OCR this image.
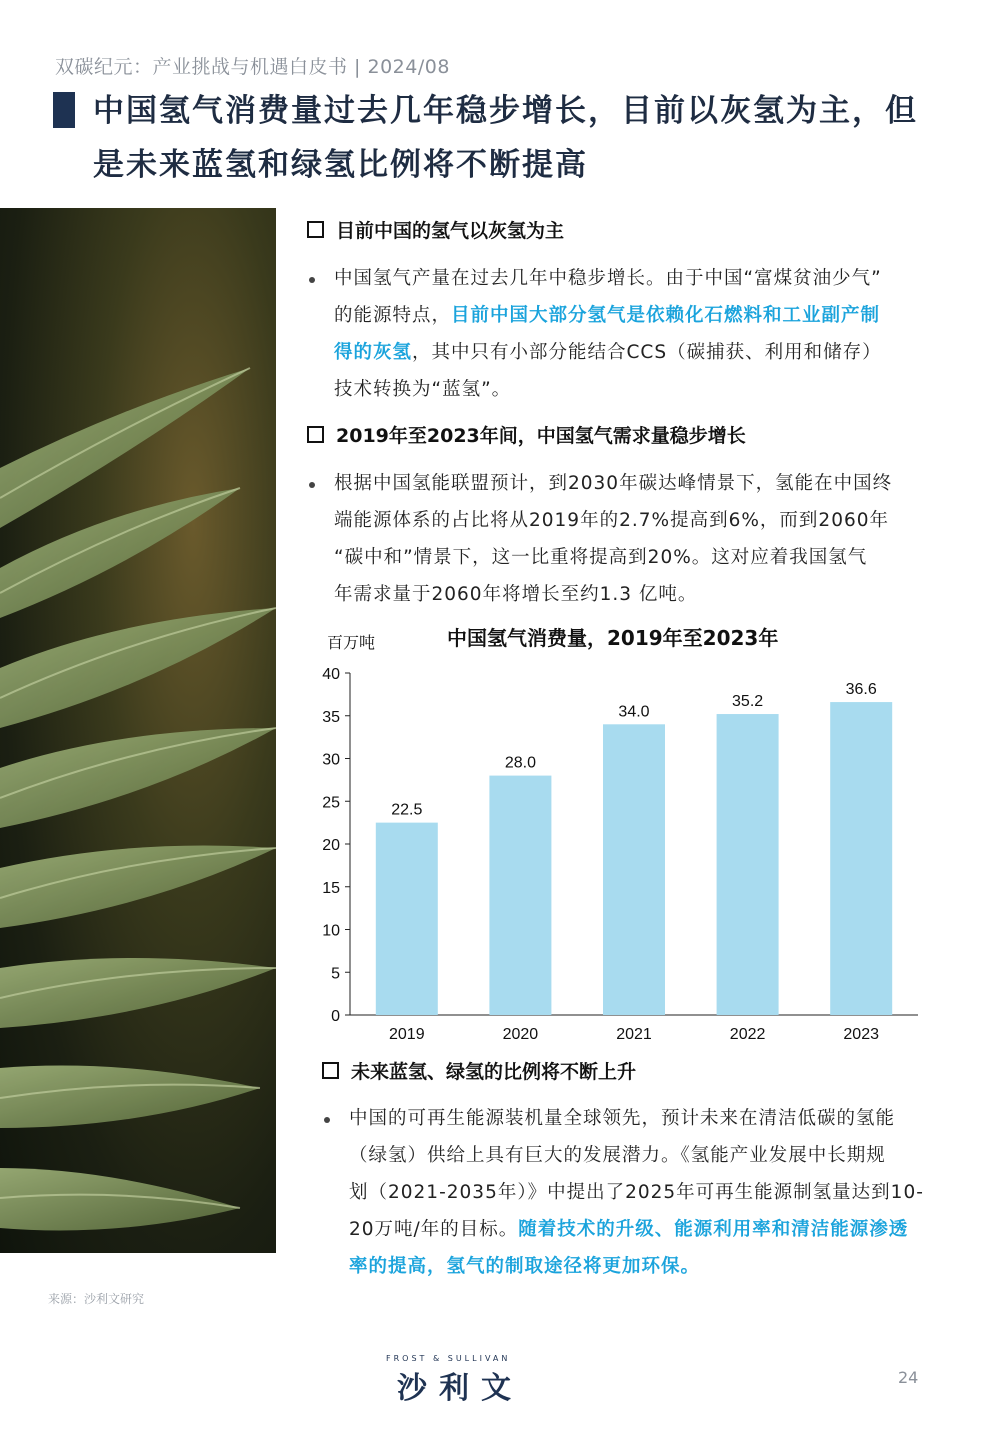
双碳纪元：产业挑战与机遇白皮书 | 2024/08
中国氢气消费量过去几年稳步增长，目前以灰氢为主，但
是未来蓝氢和绿氢比例将不断提高
目前中国的氢气以灰氢为主
中国氢气产量在过去几年中稳步增长。由于中国“富煤贫油少气”
的能源特点，目前中国大部分氢气是依赖化石燃料和工业副产制
得的灰氢，其中只有小部分能结合CCS（碳捕获、利用和储存）
技术转换为“蓝氢”。
2019年至2023年间，中国氢气需求量稳步增长
根据中国氢能联盟预计，到2030年碳达峰情景下，氢能在中国终
端能源体系的占比将从2019年的2.7%提高到6%，而到2060年
“碳中和”情景下，这一比重将提高到20%。这对应着我国氢气
年需求量于2060年将增长至约1.3 亿吨。
百万吨	中国氢气消费量，2019年至2023年
0
5
10
15
20
25
30
35
40
22.5
2019
28.0
2020
34.0
2021
35.2
2022
36.6
2023
未来蓝氢、绿氢的比例将不断上升
中国的可再生能源装机量全球领先，预计未来在清洁低碳的氢能
（绿氢）供给上具有巨大的发展潜力。《氢能产业发展中长期规
划（2021-2035年）》中提出了2025年可再生能源制氢量达到10-
20万吨/年的目标。随着技术的升级、能源利用率和清洁能源渗透
率的提高，氢气的制取途径将更加环保。
来源：沙利文研究
FROST & SULLIVAN
沙利文	24
